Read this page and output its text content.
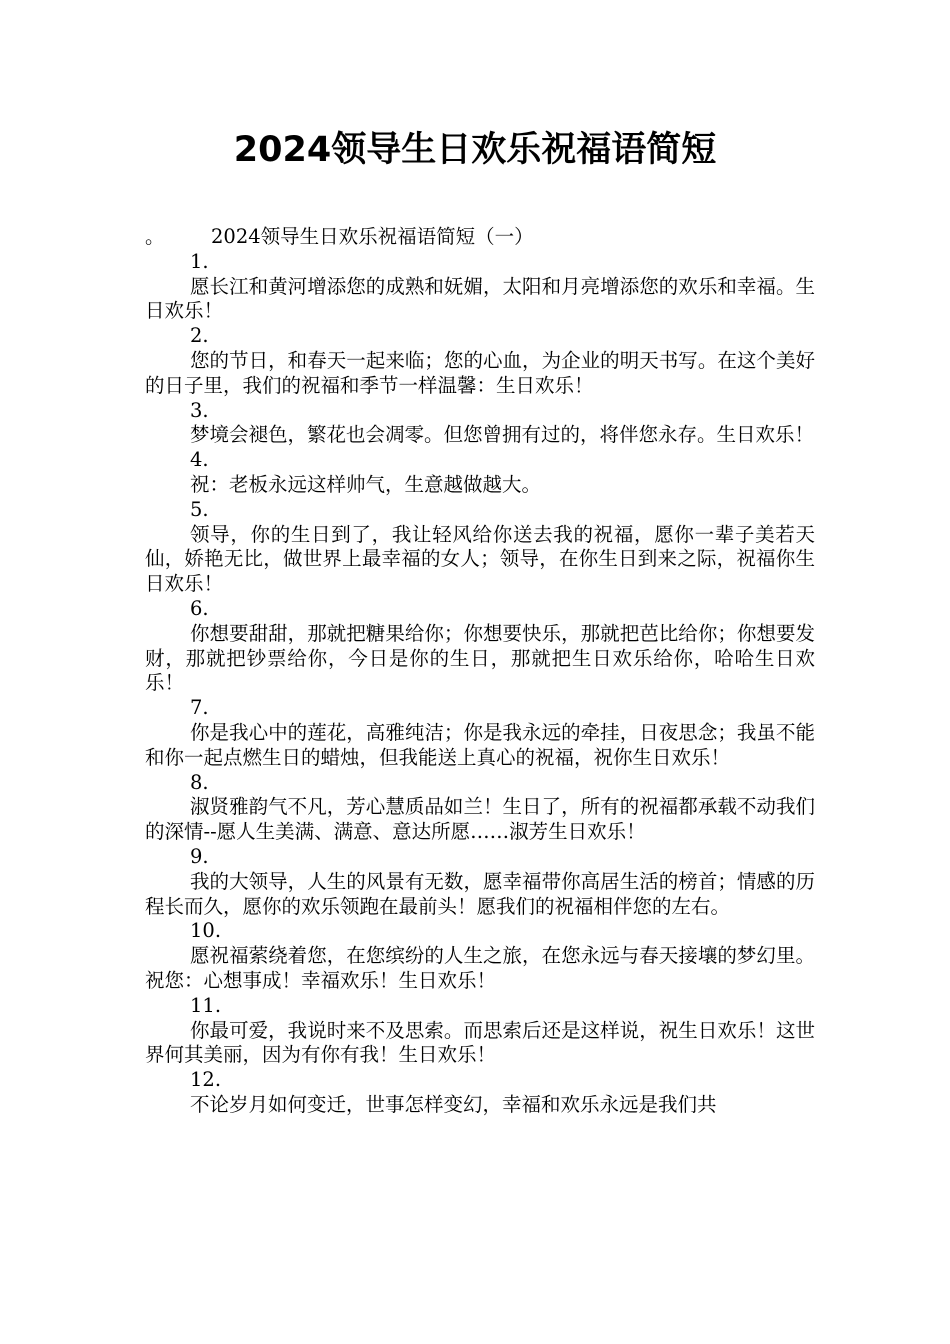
2024领导生日欢乐祝福语简短
。 2024领导生日欢乐祝福语简短（一）
1.
愿长江和黄河增添您的成熟和妩媚，太阳和月亮增添您的欢乐和幸福。生日欢乐！
2.
您的节日，和春天一起来临；您的心血，为企业的明天书写。在这个美好的日子里，我们的祝福和季节一样温馨：生日欢乐！
3.
梦境会褪色，繁花也会凋零。但您曾拥有过的，将伴您永存。生日欢乐！
4.
祝：老板永远这样帅气，生意越做越大。
5.
领导，你的生日到了，我让轻风给你送去我的祝福，愿你一辈子美若天仙，娇艳无比，做世界上最幸福的女人；领导，在你生日到来之际，祝福你生日欢乐！
6.
你想要甜甜，那就把糖果给你；你想要快乐，那就把芭比给你；你想要发财，那就把钞票给你，今日是你的生日，那就把生日欢乐给你，哈哈生日欢乐！
7.
你是我心中的莲花，高雅纯洁；你是我永远的牵挂，日夜思念；我虽不能和你一起点燃生日的蜡烛，但我能送上真心的祝福，祝你生日欢乐！
8.
淑贤雅韵气不凡，芳心慧质品如兰！生日了，所有的祝福都承载不动我们的深情--愿人生美满、满意、意达所愿……淑芳生日欢乐！
9.
我的大领导，人生的风景有无数，愿幸福带你高居生活的榜首；情感的历程长而久，愿你的欢乐领跑在最前头！愿我们的祝福相伴您的左右。
10.
愿祝福萦绕着您，在您缤纷的人生之旅，在您永远与春天接壤的梦幻里。祝您：心想事成！幸福欢乐！生日欢乐！
11.
你最可爱，我说时来不及思索。而思索后还是这样说，祝生日欢乐！这世界何其美丽，因为有你有我！生日欢乐！
12.
不论岁月如何变迁，世事怎样变幻，幸福和欢乐永远是我们共
